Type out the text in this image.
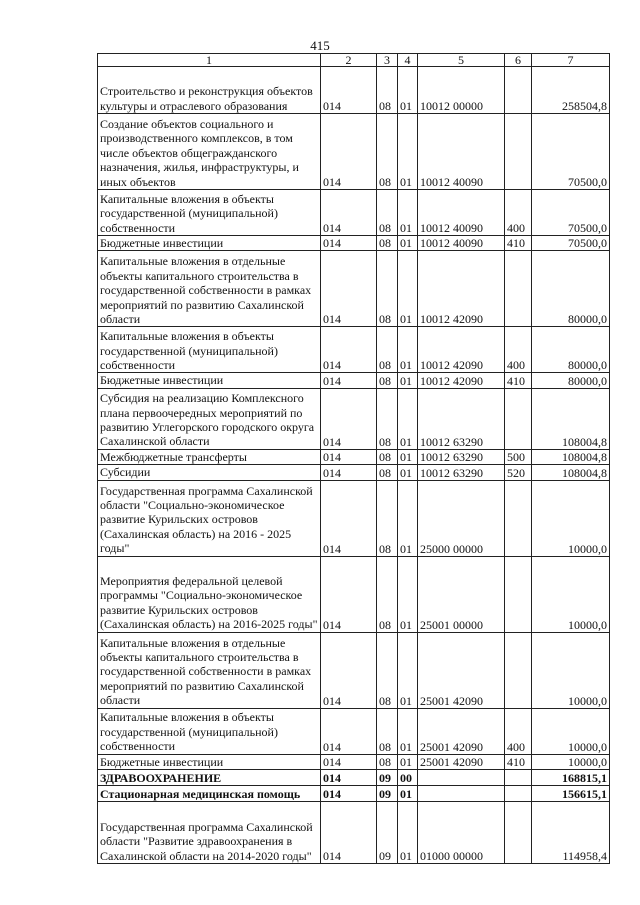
415
1	2	3	4	5	6	7
Строительство и реконструкция объектов культуры и отраслевого образования	014	08	01	10012 00000		258504,8
Создание объектов социального и производственного комплексов, в том числе объектов общегражданского назначения, жилья, инфраструктуры, и иных объектов	014	08	01	10012 40090		70500,0
Капитальные вложения в объекты государственной (муниципальной) собственности	014	08	01	10012 40090	400	70500,0
Бюджетные инвестиции	014	08	01	10012 40090	410	70500,0
Капитальные вложения в отдельные объекты капитального строительства в государственной собственности в рамках мероприятий по развитию Сахалинской области	014	08	01	10012 42090		80000,0
Капитальные вложения в объекты государственной (муниципальной) собственности	014	08	01	10012 42090	400	80000,0
Бюджетные инвестиции	014	08	01	10012 42090	410	80000,0
Субсидия на реализацию Комплексного плана первоочередных мероприятий по развитию Углегорского городского округа Сахалинской области	014	08	01	10012 63290		108004,8
Межбюджетные трансферты	014	08	01	10012 63290	500	108004,8
Субсидии	014	08	01	10012 63290	520	108004,8
Государственная программа Сахалинской области "Социально-экономическое развитие Курильских островов (Сахалинская область) на 2016 - 2025 годы"	014	08	01	25000 00000		10000,0
Мероприятия федеральной целевой программы "Социально-экономическое развитие Курильских островов (Сахалинская область) на 2016-2025 годы"	014	08	01	25001 00000		10000,0
Капитальные вложения в отдельные объекты капитального строительства в государственной собственности в рамках мероприятий по развитию Сахалинской области	014	08	01	25001 42090		10000,0
Капитальные вложения в объекты государственной (муниципальной) собственности	014	08	01	25001 42090	400	10000,0
Бюджетные инвестиции	014	08	01	25001 42090	410	10000,0
ЗДРАВООХРАНЕНИЕ	014	09	00			168815,1
Стационарная медицинская помощь	014	09	01			156615,1
Государственная программа Сахалинской области "Развитие здравоохранения в Сахалинской области на 2014-2020 годы"	014	09	01	01000 00000		114958,4
